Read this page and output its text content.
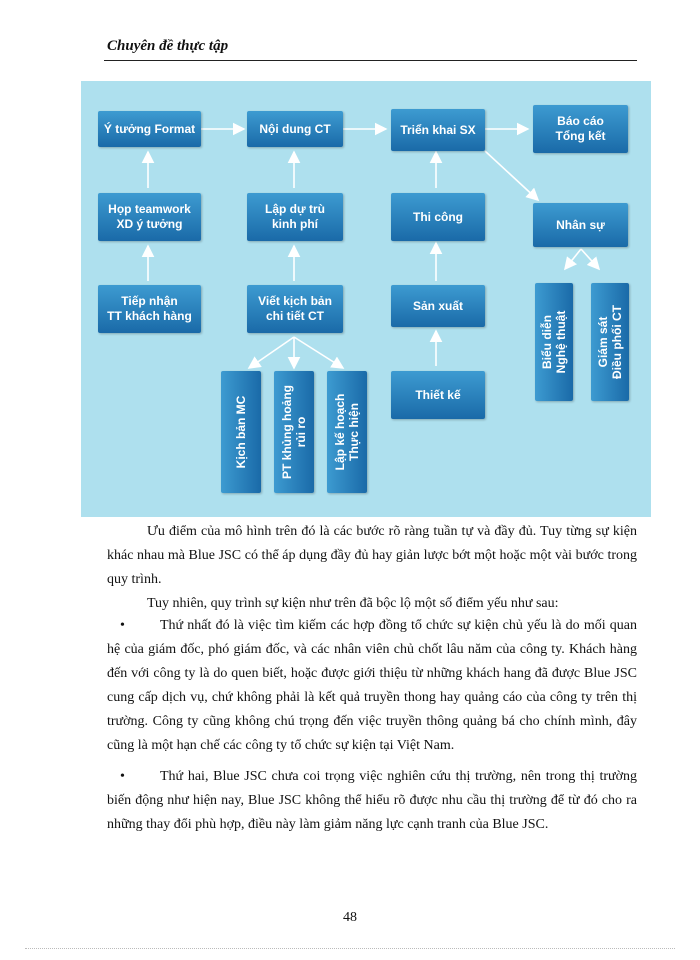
Chuyên đề thực tập
Ý tưởng Format	Nội dung CT	Triển khai SX
Báo cáo
Tổng kết
Họp teamwork
XD ý tưởng
Lập dự trù
kinh phí
Thi công
Nhân sự
Tiếp nhận
TT khách hàng
Viết kịch bản
chi tiết CT
Sản xuất
Thiết kế
Kịch bản MC
PT khủng hoảng
rủi ro
Lập kế hoạch
Thực hiện
Biểu diễn
Nghệ thuật
Giám sát
Điều phối CT
Ưu điểm của mô hình trên đó là các bước rõ ràng tuần tự và đầy đủ. Tuy từng sự kiện khác nhau mà Blue JSC có thể áp dụng đầy đủ hay giản lược bớt một hoặc một vài bước trong quy trình.
Tuy nhiên, quy trình sự kiện như trên đã bộc lộ một số điểm yếu như sau:
•	Thứ nhất đó là việc tìm kiếm các hợp đồng tổ chức sự kiện chủ yếu là do mối quan hệ của giám đốc, phó giám đốc, và các nhân viên chủ chốt lâu năm của công ty. Khách hàng đến với công ty là do quen biết, hoặc được giới thiệu từ những khách hang đã được Blue JSC cung cấp dịch vụ, chứ không phải là kết quả truyền thong hay quảng cáo của công ty trên thị trường. Công ty cũng không chú trọng đến việc truyền thông quảng bá cho chính mình, đây cũng là một hạn chế các công ty tổ chức sự kiện tại Việt Nam.
•	Thứ hai, Blue JSC chưa coi trọng việc nghiên cứu thị trường, nên trong thị trường biến động như hiện nay, Blue JSC không thể hiểu rõ được nhu cầu thị trường để từ đó cho ra những thay đổi phù hợp, điều này làm giảm năng lực cạnh tranh của Blue JSC.
48
